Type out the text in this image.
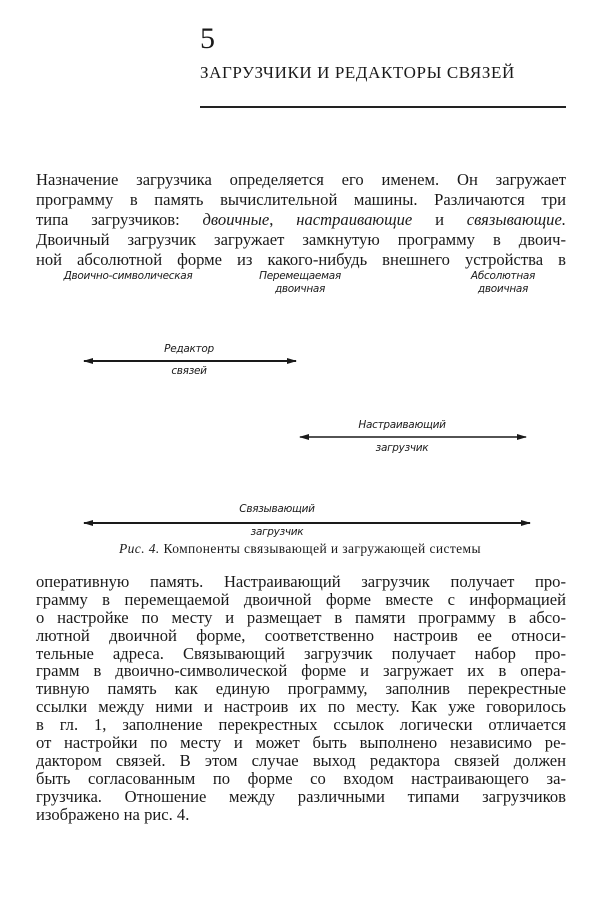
5
ЗАГРУЗЧИКИ И РЕДАКТОРЫ СВЯЗЕЙ
Назначение загрузчика определяется его именем. Он загружает
программу в память вычислительной машины. Различаются три
типа загрузчиков: двоичные, настраивающие и связывающие.
Двоичный загрузчик загружает замкнутую программу в двоич-
ной абсолютной форме из какого-нибудь внешнего устройства в
Двоично-символическая	Перемещаемая
двоичная
Абсолютная
двоичная
Редактор
связей
Настраивающий
загрузчик
Связывающий
загрузчик
Рис. 4. Компоненты связывающей и загружающей системы
оперативную память. Настраивающий загрузчик получает про-
грамму в перемещаемой двоичной форме вместе с информацией
о настройке по месту и размещает в памяти программу в абсо-
лютной двоичной форме, соответственно настроив ее относи-
тельные адреса. Связывающий загрузчик получает набор про-
грамм в двоично-символической форме и загружает их в опера-
тивную память как единую программу, заполнив перекрестные
ссылки между ними и настроив их по месту. Как уже говорилось
в гл. 1, заполнение перекрестных ссылок логически отличается
от настройки по месту и может быть выполнено независимо ре-
дактором связей. В этом случае выход редактора связей должен
быть согласованным по форме со входом настраивающего за-
грузчика. Отношение между различными типами загрузчиков
изображено на рис. 4.
